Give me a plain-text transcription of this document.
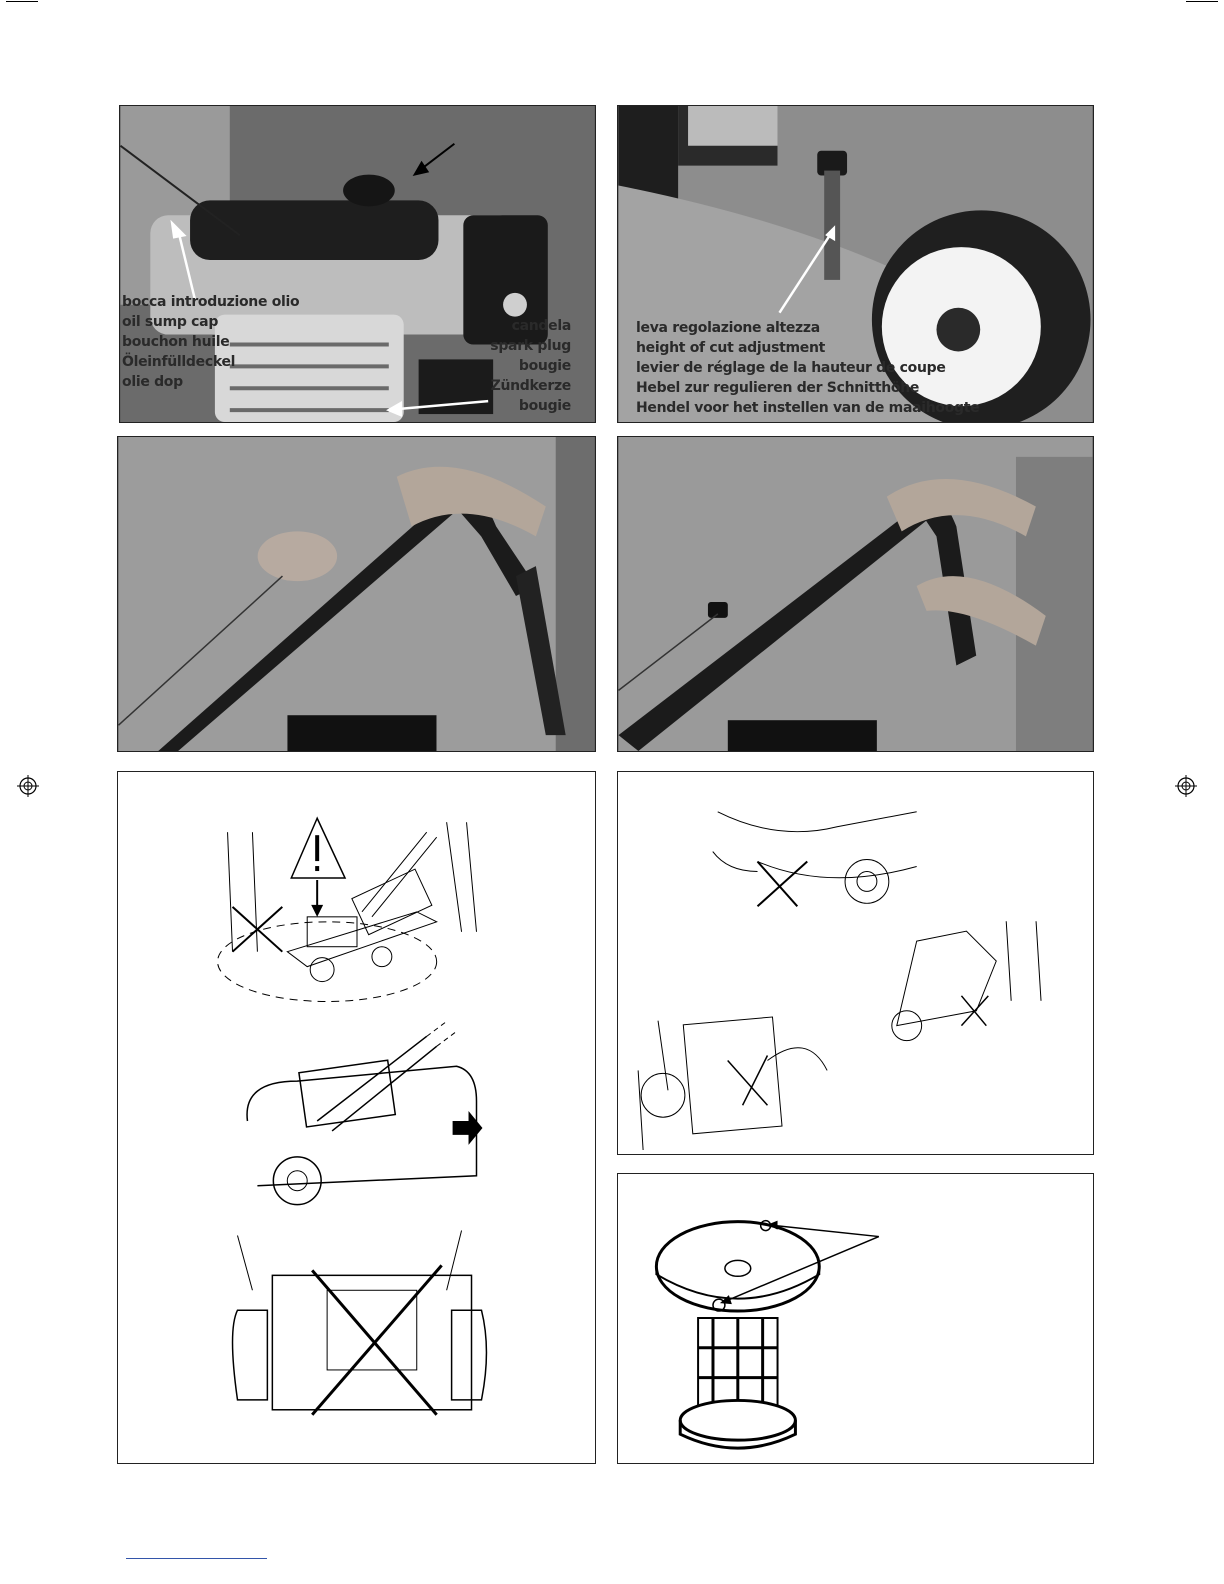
bocca introduzione olio
oil sump cap
bouchon huile
Öleinfülldeckel
olie dop
candela
spark plug
bougie
Zündkerze
bougie
leva regolazione altezza
height of cut adjustment
levier de réglage de la hauteur de coupe
Hebel zur regulieren der Schnitthöhe
Hendel voor het instellen van de maaihoogte
